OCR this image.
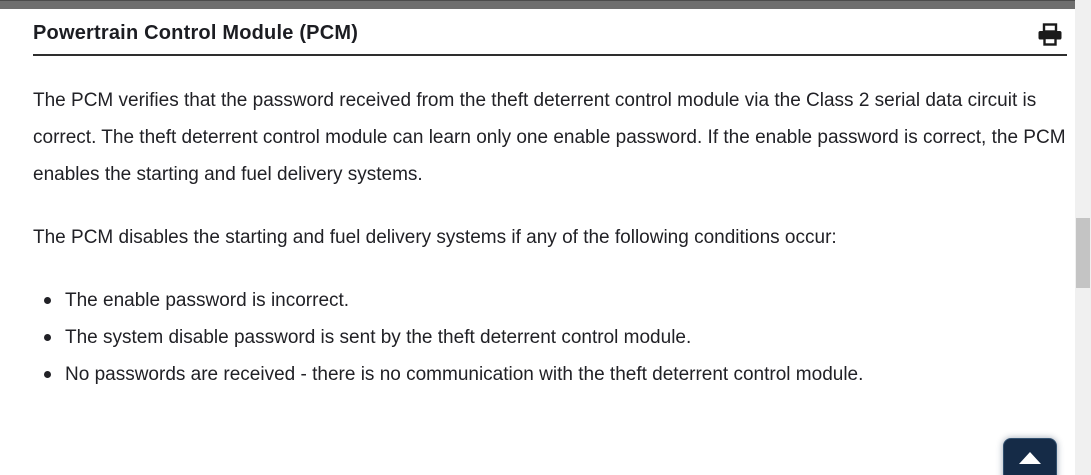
Powertrain Control Module (PCM)

The PCM verifies that the password received from the theft deterrent control module via the Class 2 serial data circuit is correct. The theft deterrent control module can learn only one enable password. If the enable password is correct, the PCM enables the starting and fuel delivery systems.

The PCM disables the starting and fuel delivery systems if any of the following conditions occur:

The enable password is incorrect.
The system disable password is sent by the theft deterrent control module.
No passwords are received - there is no communication with the theft deterrent control module.
